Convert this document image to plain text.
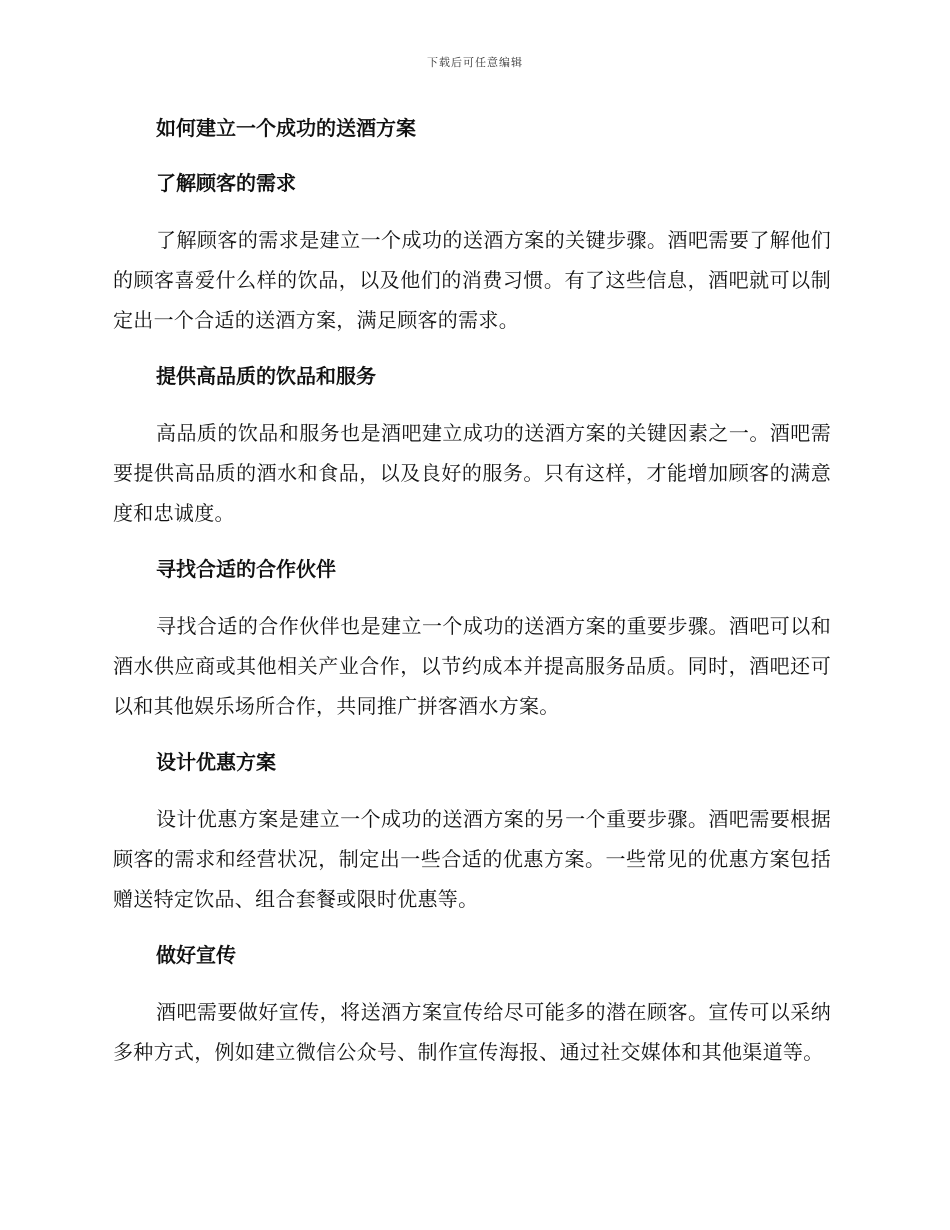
下载后可任意编辑
如何建立一个成功的送酒方案
了解顾客的需求

了解顾客的需求是建立一个成功的送酒方案的关键步骤。酒吧需要了解他们的顾客喜爱什么样的饮品，以及他们的消费习惯。有了这些信息，酒吧就可以制定出一个合适的送酒方案，满足顾客的需求。

提供高品质的饮品和服务

高品质的饮品和服务也是酒吧建立成功的送酒方案的关键因素之一。酒吧需要提供高品质的酒水和食品，以及良好的服务。只有这样，才能增加顾客的满意度和忠诚度。

寻找合适的合作伙伴

寻找合适的合作伙伴也是建立一个成功的送酒方案的重要步骤。酒吧可以和酒水供应商或其他相关产业合作，以节约成本并提高服务品质。同时，酒吧还可以和其他娱乐场所合作，共同推广拼客酒水方案。

设计优惠方案

设计优惠方案是建立一个成功的送酒方案的另一个重要步骤。酒吧需要根据顾客的需求和经营状况，制定出一些合适的优惠方案。一些常见的优惠方案包括赠送特定饮品、组合套餐或限时优惠等。

做好宣传

酒吧需要做好宣传，将送酒方案宣传给尽可能多的潜在顾客。宣传可以采纳多种方式，例如建立微信公众号、制作宣传海报、通过社交媒体和其他渠道等。
